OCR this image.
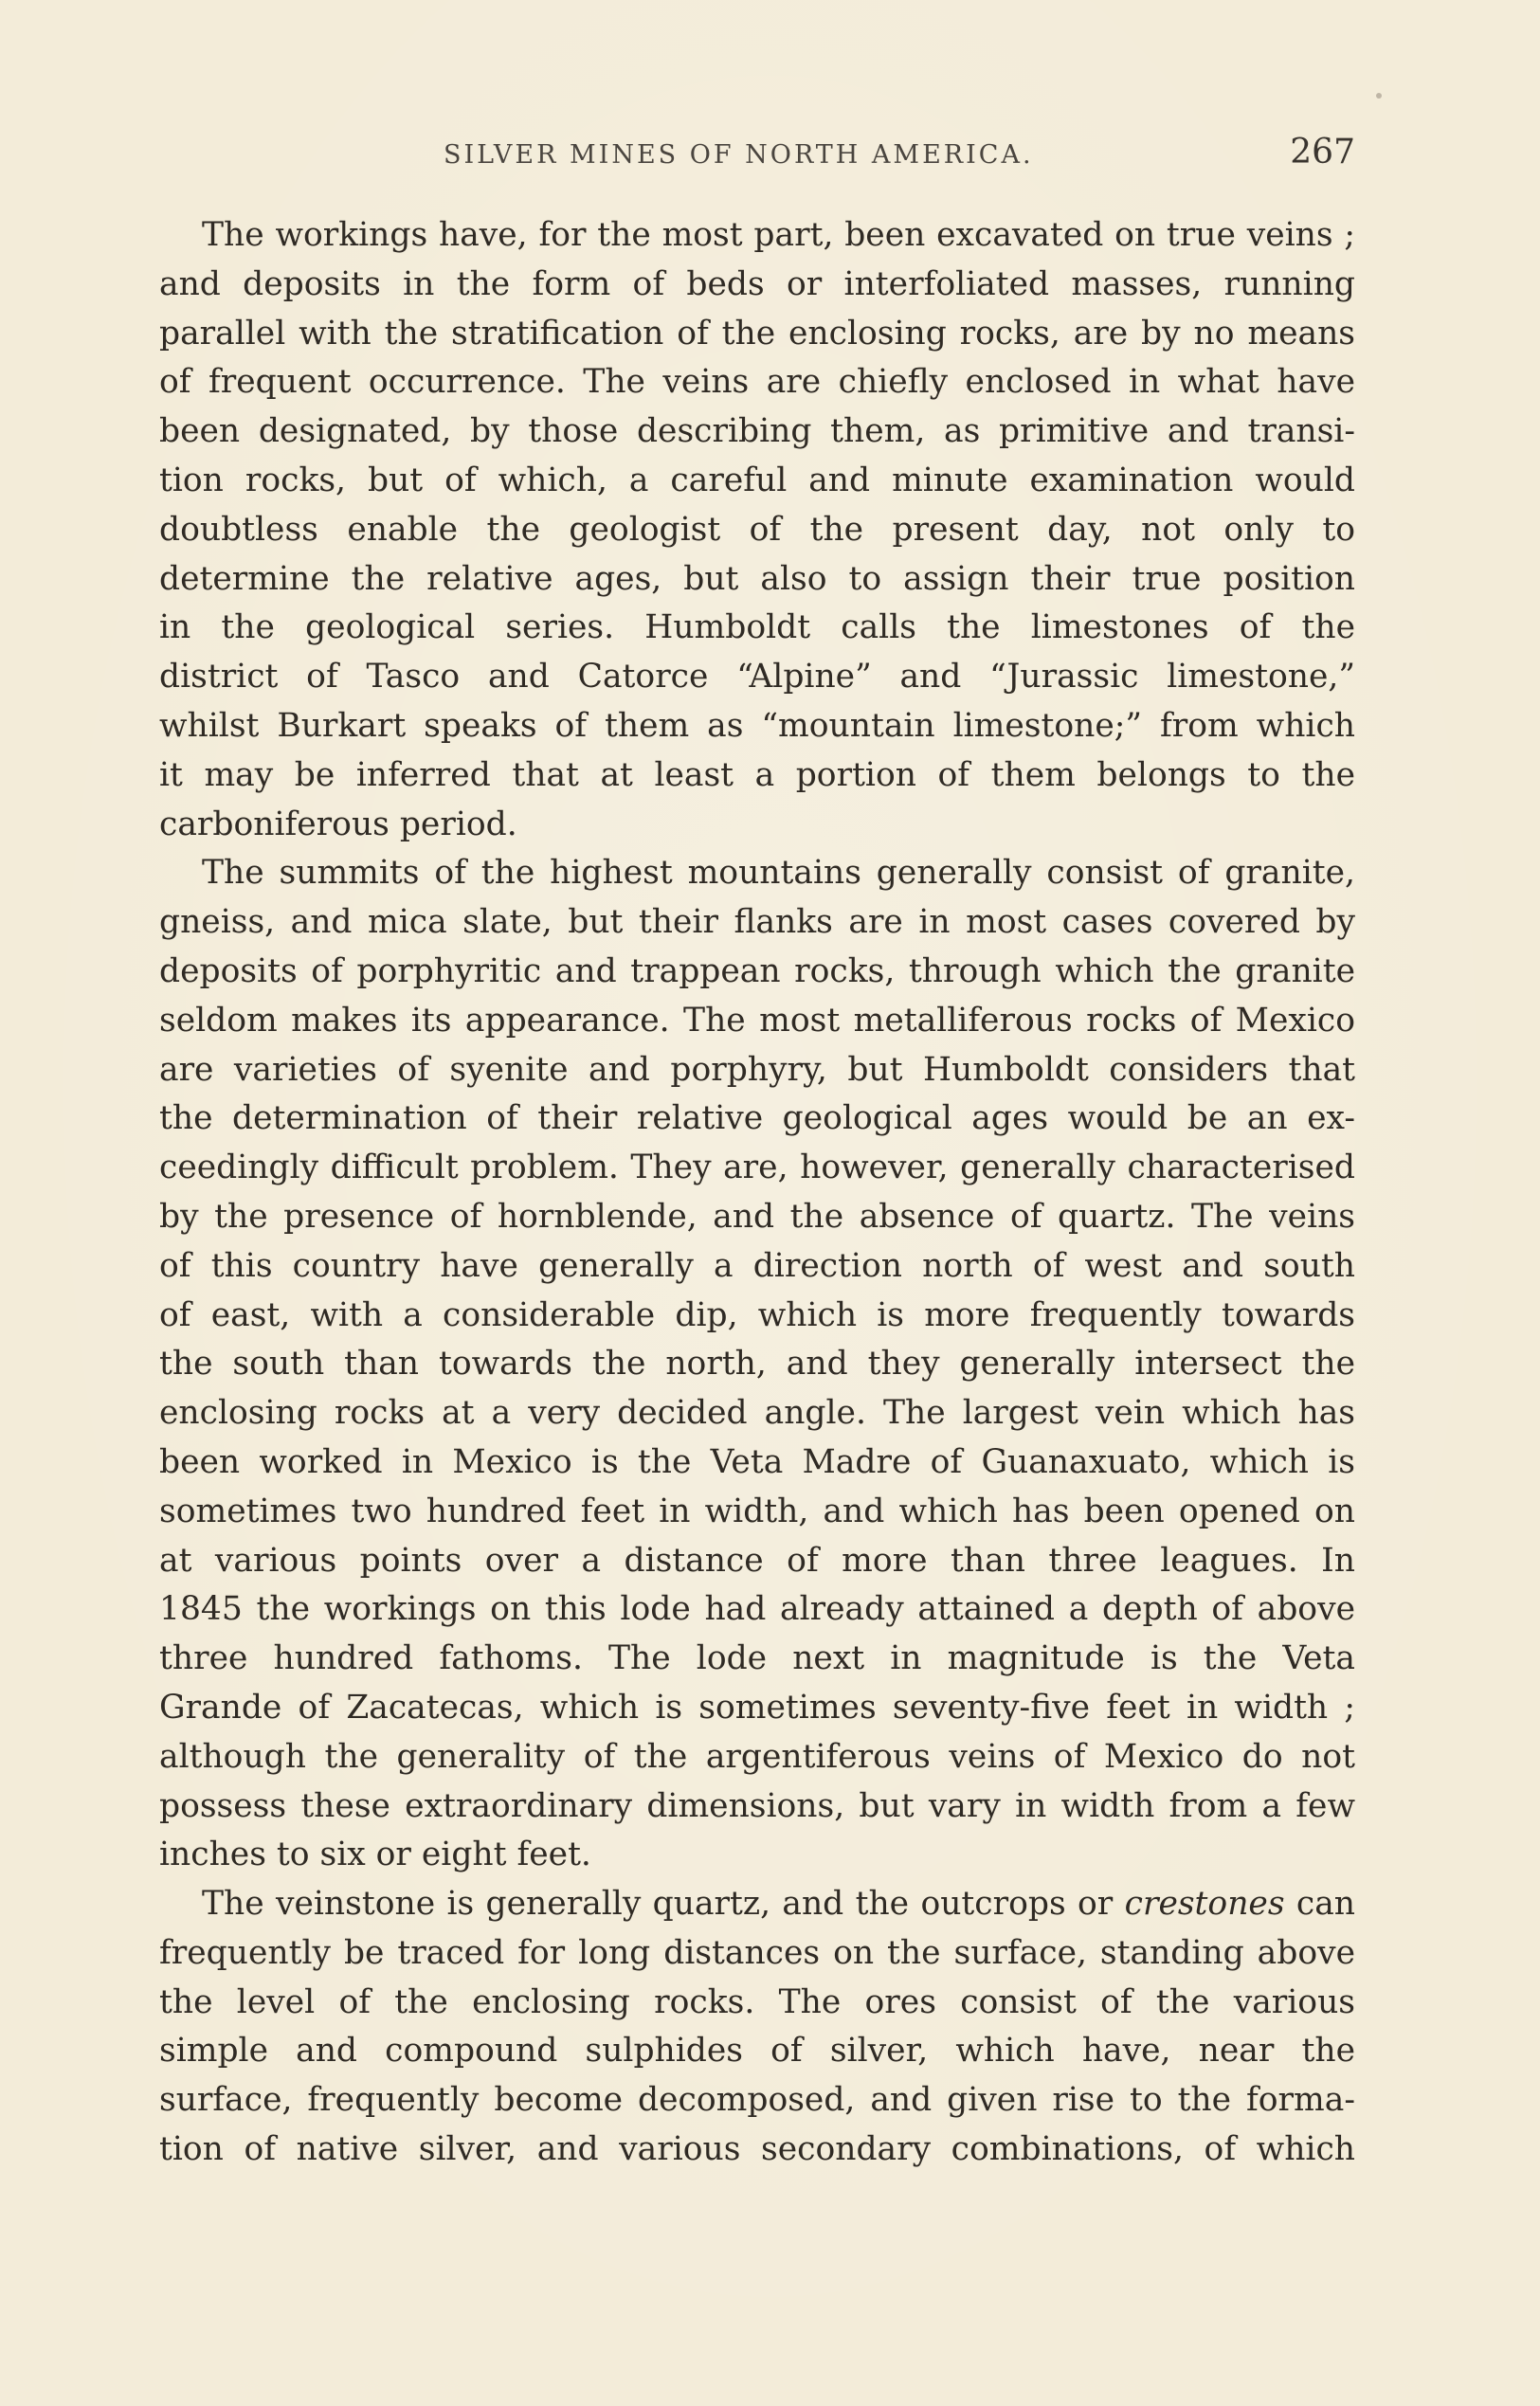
SILVER MINES OF NORTH AMERICA.	267
The workings have, for the most part, been excavated on true veins ;
and deposits in the form of beds or interfoliated masses, running
parallel with the stratification of the enclosing rocks, are by no means
of frequent occurrence. The veins are chiefly enclosed in what have
been designated, by those describing them, as primitive and transi-
tion rocks, but of which, a careful and minute examination would
doubtless enable the geologist of the present day, not only to
determine the relative ages, but also to assign their true position
in the geological series. Humboldt calls the limestones of the
district of Tasco and Catorce “Alpine” and “Jurassic limestone,”
whilst Burkart speaks of them as “mountain limestone;” from which
it may be inferred that at least a portion of them belongs to the
carboniferous period.
The summits of the highest mountains generally consist of granite,
gneiss, and mica slate, but their flanks are in most cases covered by
deposits of porphyritic and trappean rocks, through which the granite
seldom makes its appearance. The most metalliferous rocks of Mexico
are varieties of syenite and porphyry, but Humboldt considers that
the determination of their relative geological ages would be an ex-
ceedingly difficult problem. They are, however, generally characterised
by the presence of hornblende, and the absence of quartz. The veins
of this country have generally a direction north of west and south
of east, with a considerable dip, which is more frequently towards
the south than towards the north, and they generally intersect the
enclosing rocks at a very decided angle. The largest vein which has
been worked in Mexico is the Veta Madre of Guanaxuato, which is
sometimes two hundred feet in width, and which has been opened on
at various points over a distance of more than three leagues. In
1845 the workings on this lode had already attained a depth of above
three hundred fathoms. The lode next in magnitude is the Veta
Grande of Zacatecas, which is sometimes seventy-five feet in width ;
although the generality of the argentiferous veins of Mexico do not
possess these extraordinary dimensions, but vary in width from a few
inches to six or eight feet.
The veinstone is generally quartz, and the outcrops or crestones can
frequently be traced for long distances on the surface, standing above
the level of the enclosing rocks. The ores consist of the various
simple and compound sulphides of silver, which have, near the
surface, frequently become decomposed, and given rise to the forma-
tion of native silver, and various secondary combinations, of which
